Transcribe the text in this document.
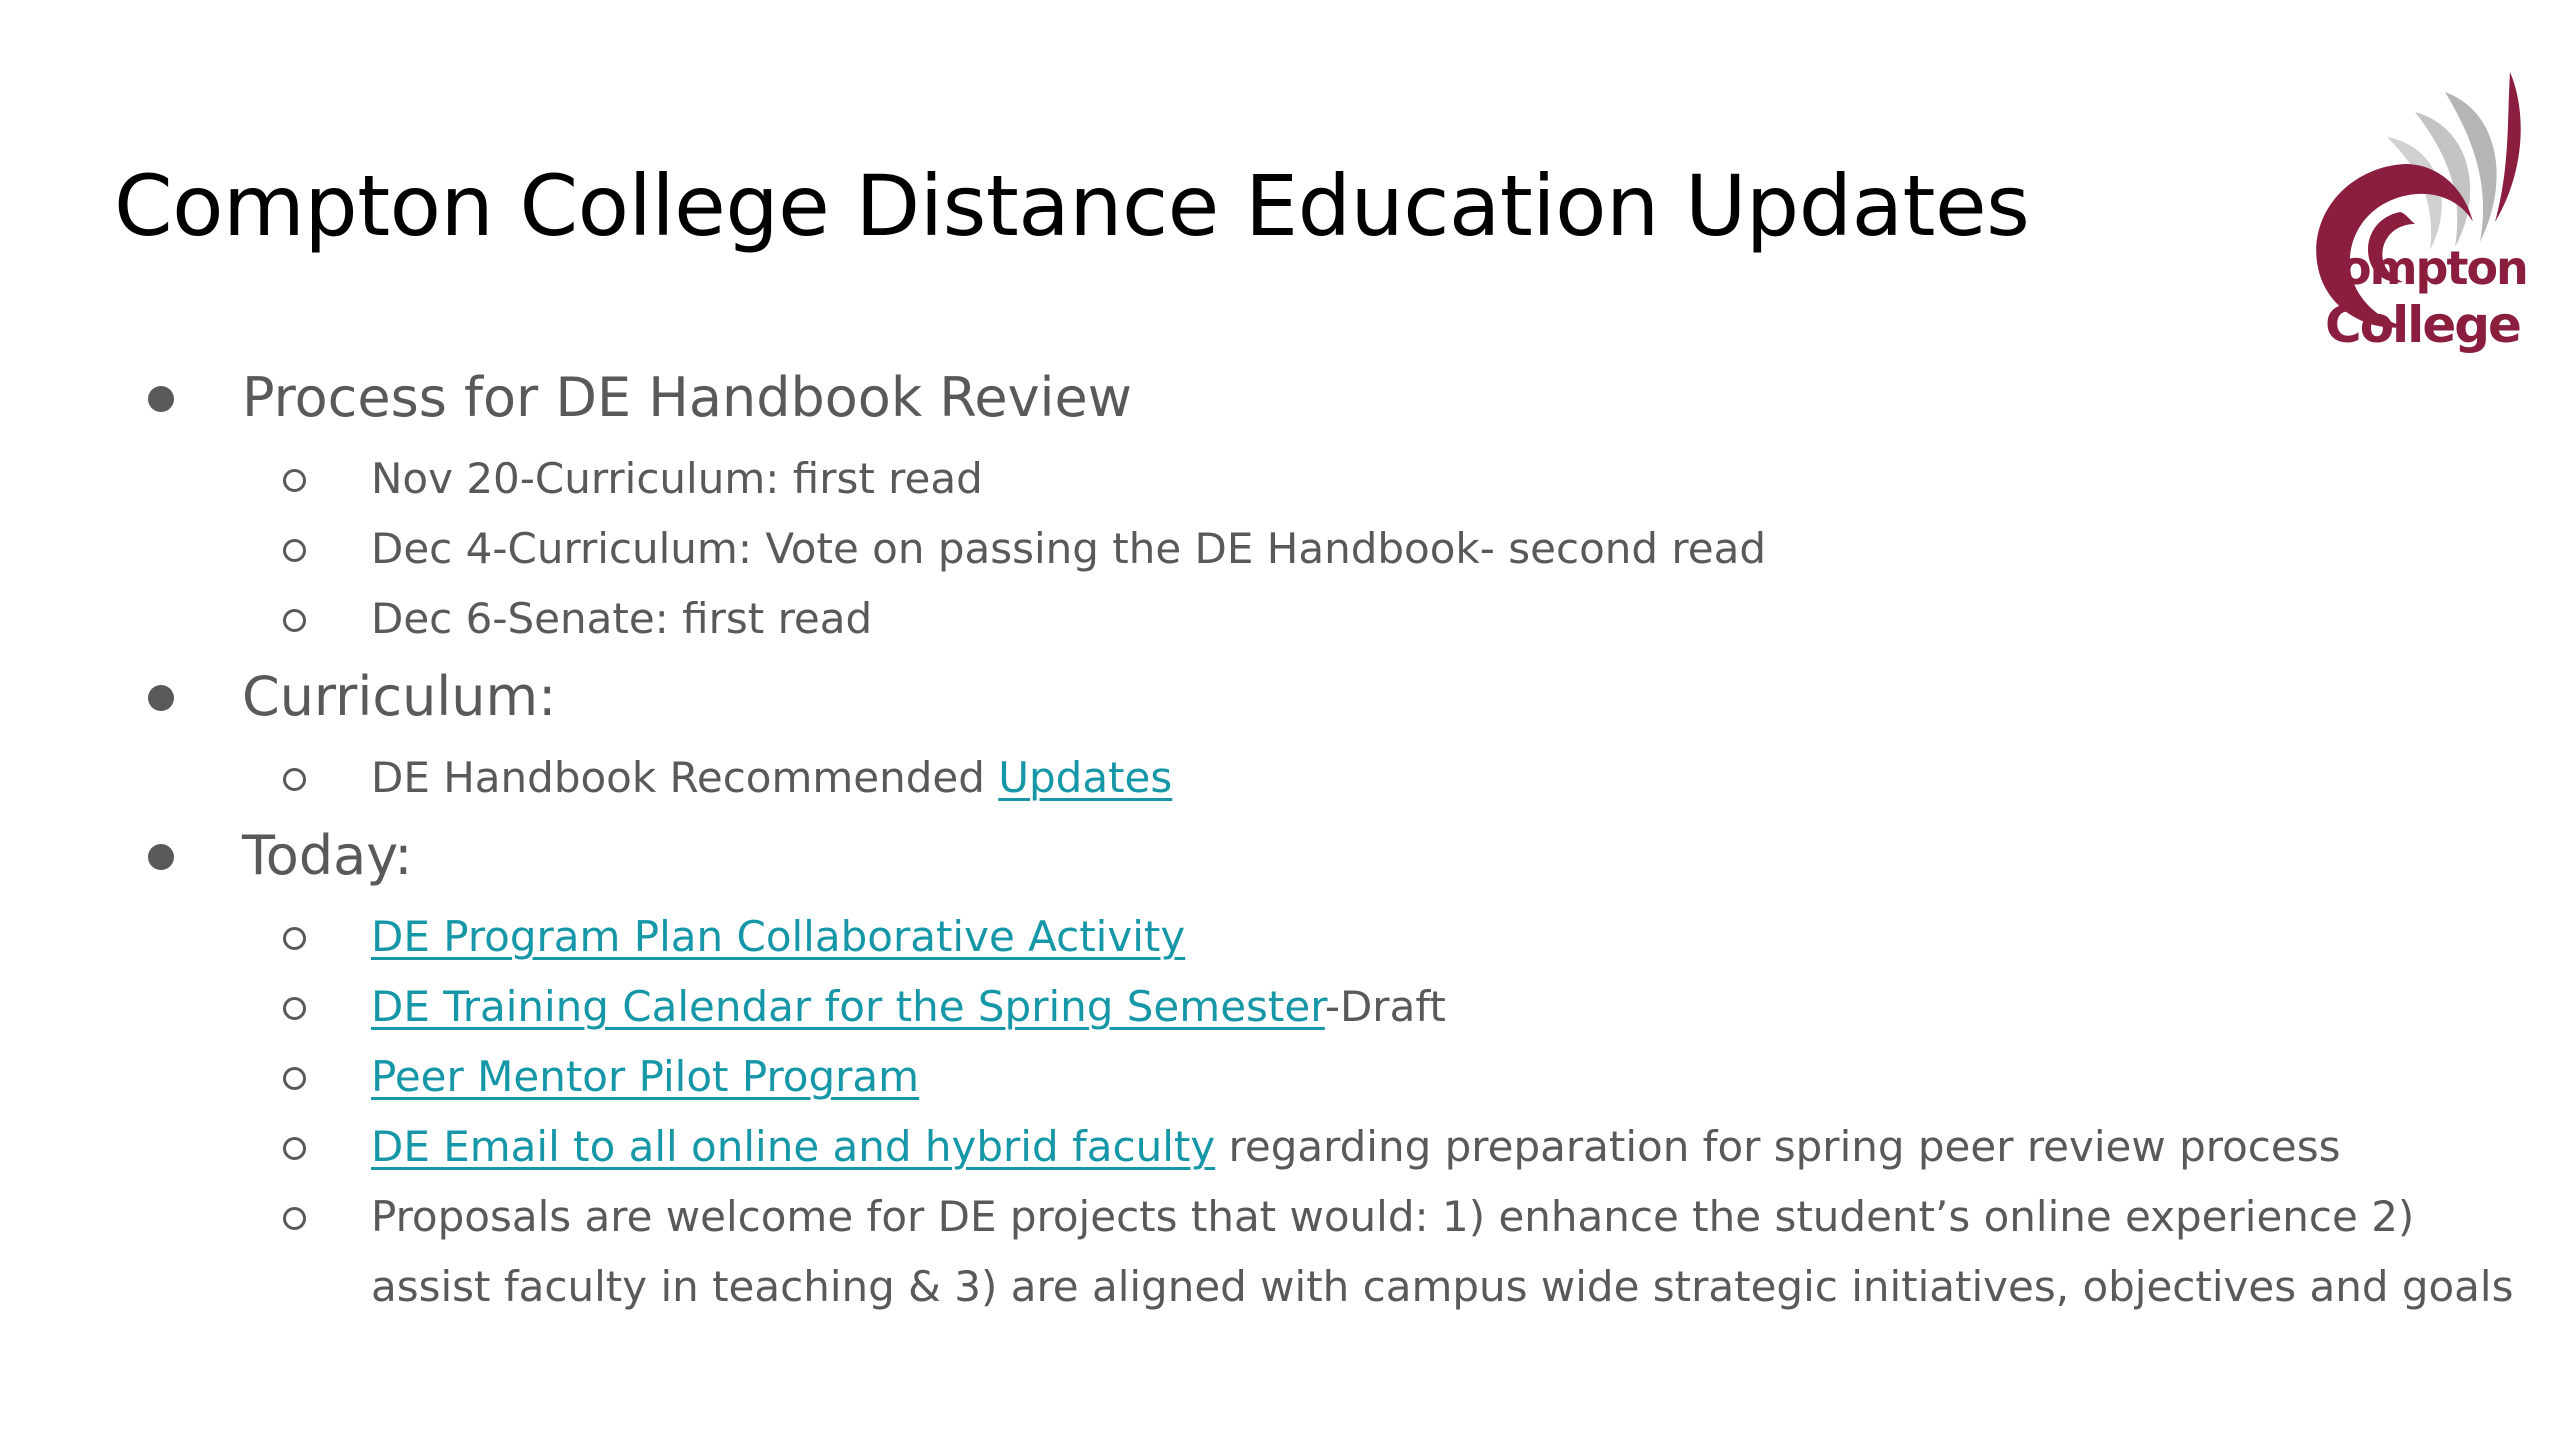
Compton College Distance Education Updates
ompton
College
Process for DE Handbook Review
Nov 20-Curriculum: first read
Dec 4-Curriculum: Vote on passing the DE Handbook- second read
Dec 6-Senate: first read
Curriculum:
DE Handbook Recommended Updates
Today:
DE Program Plan Collaborative Activity
DE Training Calendar for the Spring Semester-Draft
Peer Mentor Pilot Program
DE Email to all online and hybrid faculty regarding preparation for spring peer review process
Proposals are welcome for DE projects that would: 1) enhance the student’s online experience 2)
assist faculty in teaching & 3) are aligned with campus wide strategic initiatives, objectives and goals
